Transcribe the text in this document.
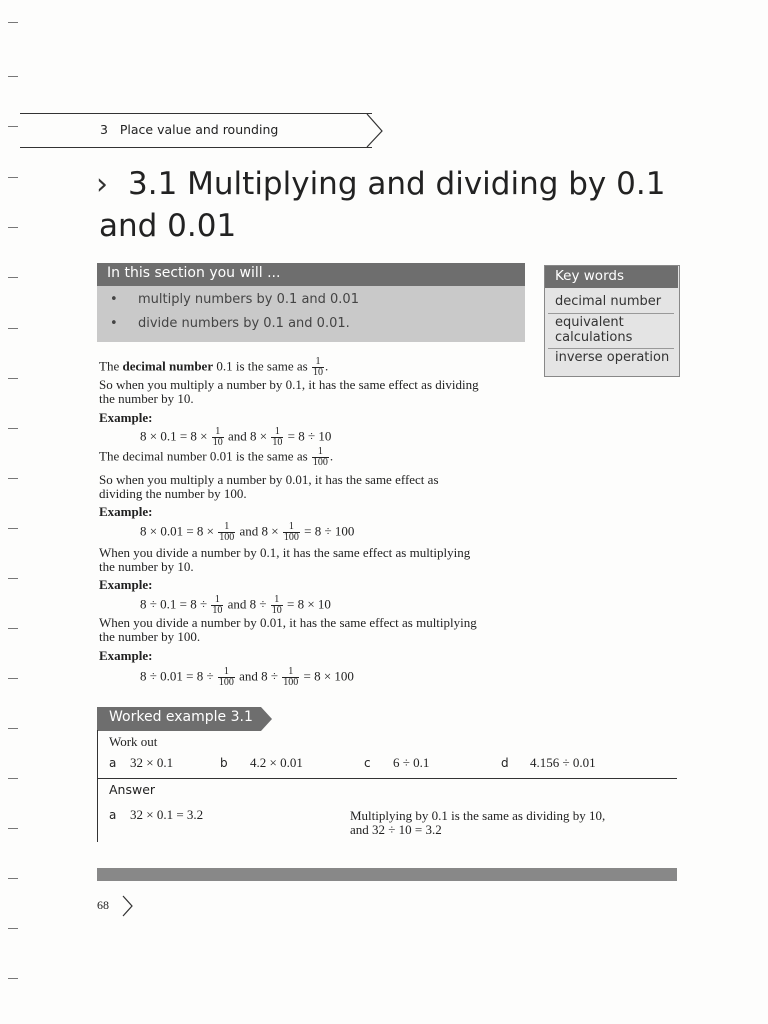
3 Place value and rounding
› 3.1 Multiplying and dividing by 0.1
and 0.01
In this section you will ...
• multiply numbers by 0.1 and 0.01
• divide numbers by 0.1 and 0.01.
Key words
decimal number
equivalent
calculations
inverse operation
The decimal number 0.1 is the same as $\frac{1}{10}$ .
So when you multiply a number by 0.1, it has the same effect as dividing
the number by 10.
Example:
$8 \times 0.1 = 8 \times \frac{1}{10}$ and $8 \times \frac{1}{10} = 8 \div 10$
The decimal number 0.01 is the same as $\frac{1}{100}$ .
So when you multiply a number by 0.01, it has the same effect as
dividing the number by 100.
Example:
$8 \times 0.01 = 8 \times \frac{1}{100}$ and $8 \times \frac{1}{100} = 8 \div 100$
When you divide a number by 0.1, it has the same effect as multiplying
the number by 10.
Example:
$8 \div 0.1 = 8 \div \frac{1}{10}$ and $8 \div \frac{1}{10} = 8 \times 10$
When you divide a number by 0.01, it has the same effect as multiplying
the number by 100.
Example:
$8 \div 0.01 = 8 \div \frac{1}{100}$ and $8 \div \frac{1}{100} = 8 \times 100$
Worked example 3.1
Work out
a 32 × 0.1	b 4.2 × 0.01	c 6 ÷ 0.1	d 4.156 ÷ 0.01
Answer
a 32 × 0.1 = 3.2	Multiplying by 0.1 is the same as dividing by 10,
and 32 ÷ 10 = 3.2
68
